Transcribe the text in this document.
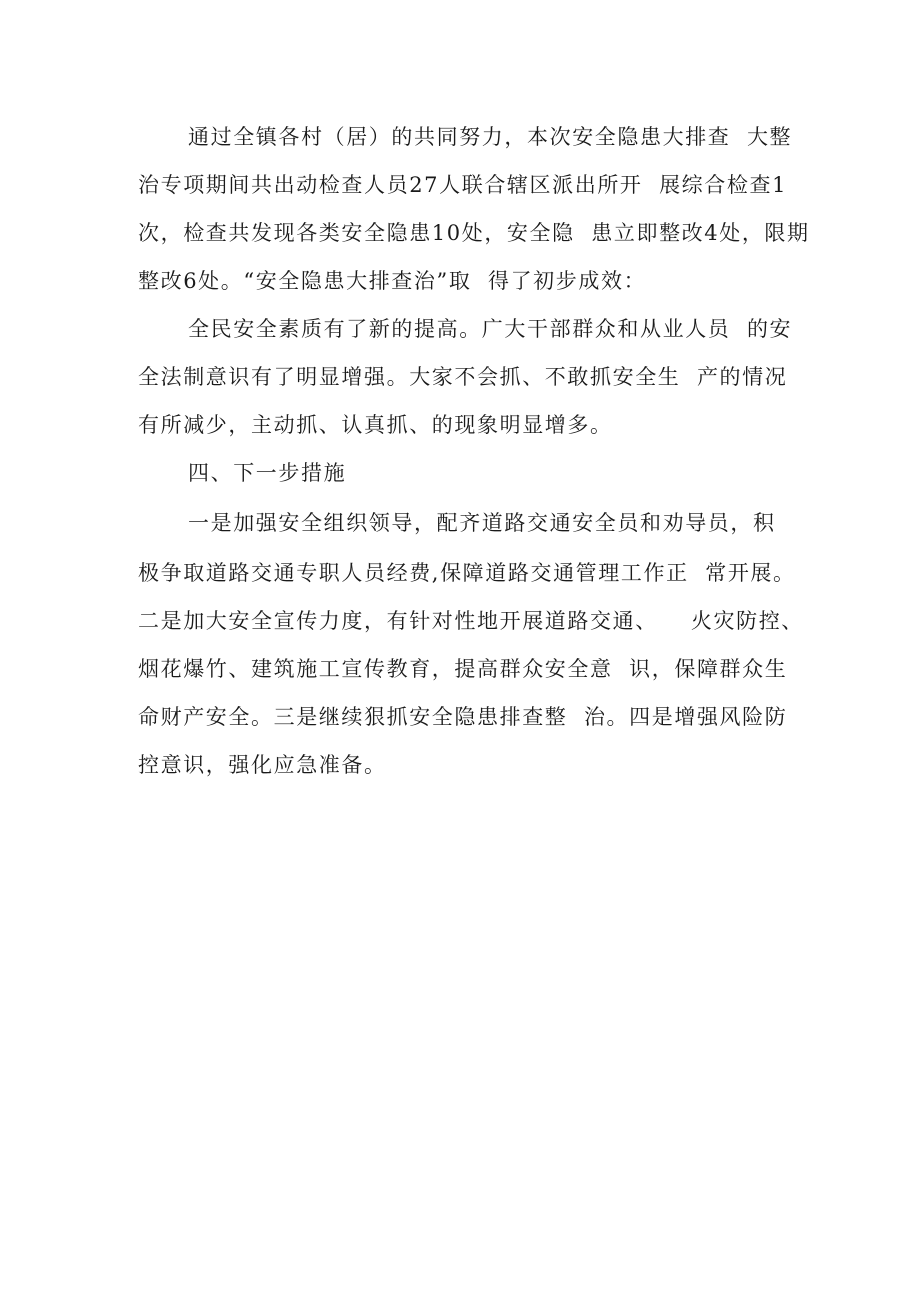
通过全镇各村（居）的共同努力，本次安全隐患大排查  大整
治专项期间共出动检查人员27人联合辖区派出所开  展综合检查1
次，检查共发现各类安全隐患10处，安全隐  患立即整改4处，限期
整改6处。“安全隐患大排查治”取  得了初步成效：
全民安全素质有了新的提高。广大干部群众和从业人员  的安
全法制意识有了明显增强。大家不会抓、不敢抓安全生  产的情况
有所减少，主动抓、认真抓、的现象明显增多。
四、下一步措施
一是加强安全组织领导，配齐道路交通安全员和劝导员，积
极争取道路交通专职人员经费,保障道路交通管理工作正  常开展。
二是加大安全宣传力度，有针对性地开展道路交通、    火灾防控、
烟花爆竹、建筑施工宣传教育，提高群众安全意  识，保障群众生
命财产安全。三是继续狠抓安全隐患排查整  治。四是增强风险防
控意识，强化应急准备。
